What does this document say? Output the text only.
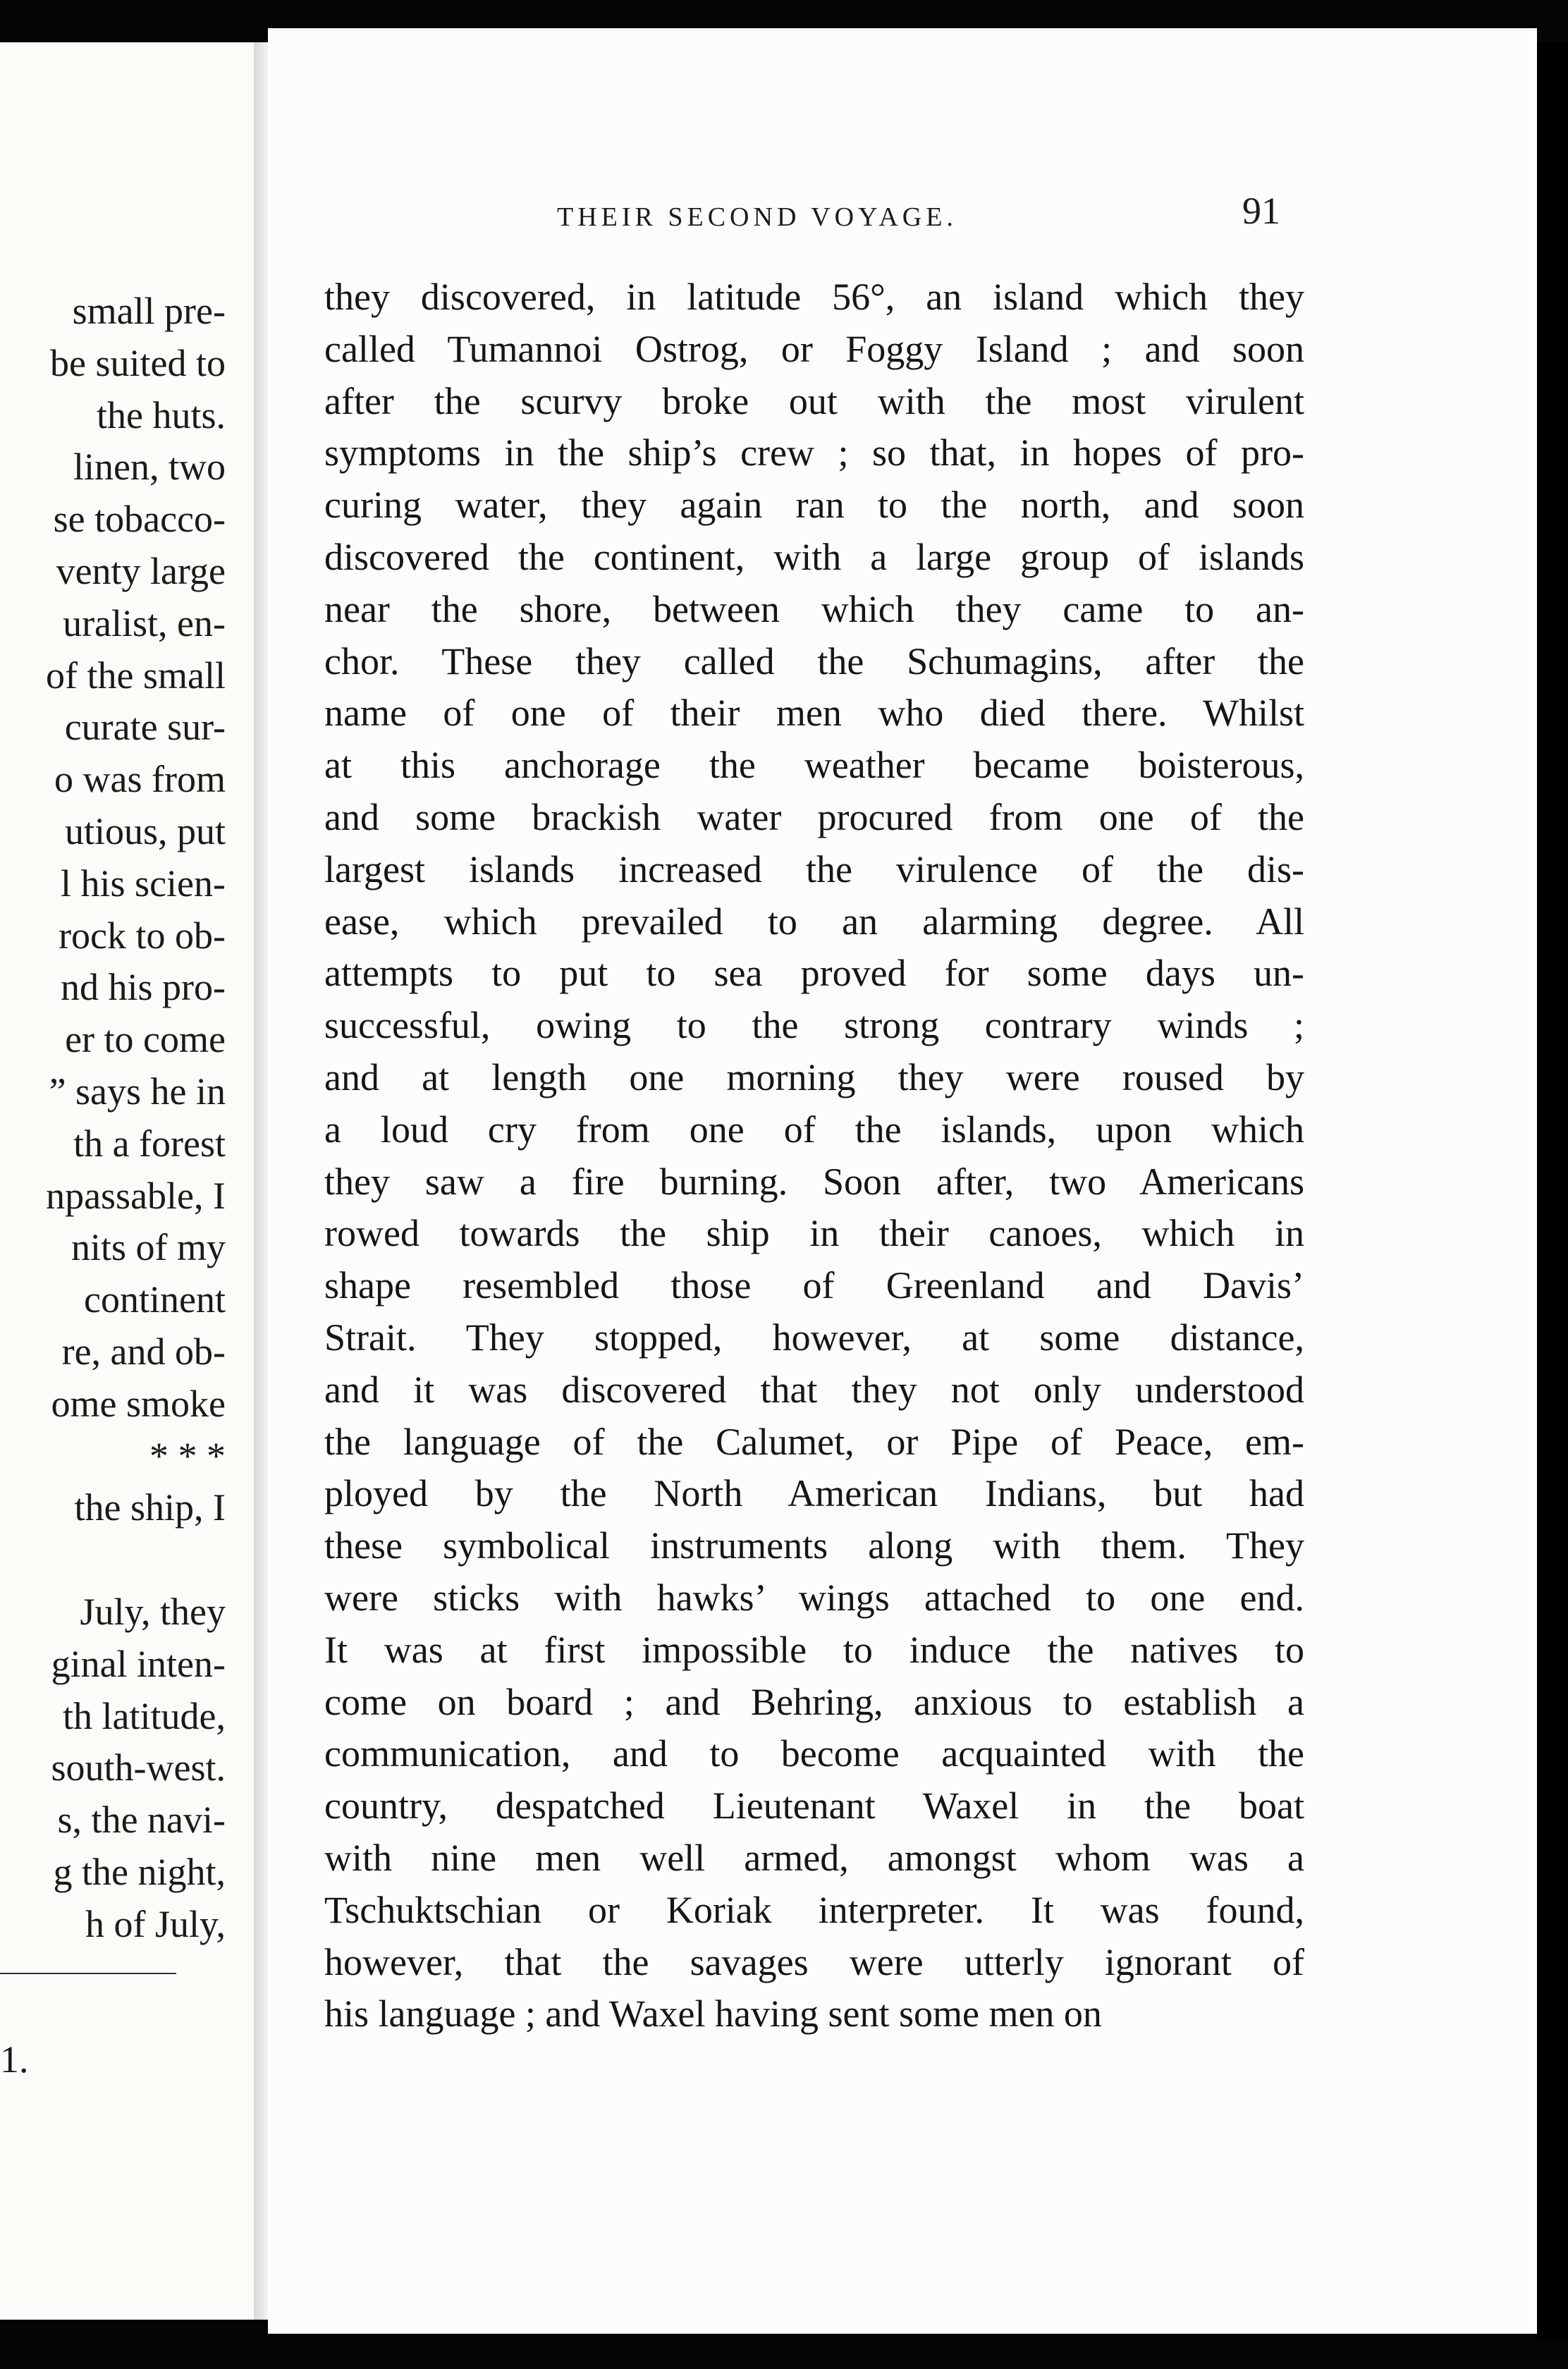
small pre-
be suited to
the huts.
linen, two
se tobacco-
venty large
uralist, en-
of the small
curate sur-
o was from
utious, put
l his scien-
rock to ob-
nd his pro-
er to come
” says he in
th a forest
npassable, I
nits of my
continent
re, and ob-
ome smoke
* * *
the ship, I

July, they
ginal inten-
th latitude,
south-west.
s, the navi-
g the night,
h of July,
1.
THEIR SECOND VOYAGE.	91
they discovered, in latitude 56°, an island which they
called Tumannoi Ostrog, or Foggy Island ; and soon
after the scurvy broke out with the most virulent
symptoms in the ship’s crew ; so that, in hopes of pro-
curing water, they again ran to the north, and soon
discovered the continent, with a large group of islands
near the shore, between which they came to an-
chor. These they called the Schumagins, after the
name of one of their men who died there. Whilst
at this anchorage the weather became boisterous,
and some brackish water procured from one of the
largest islands increased the virulence of the dis-
ease, which prevailed to an alarming degree. All
attempts to put to sea proved for some days un-
successful, owing to the strong contrary winds ;
and at length one morning they were roused by
a loud cry from one of the islands, upon which
they saw a fire burning. Soon after, two Americans
rowed towards the ship in their canoes, which in
shape resembled those of Greenland and Davis’
Strait. They stopped, however, at some distance,
and it was discovered that they not only understood
the language of the Calumet, or Pipe of Peace, em-
ployed by the North American Indians, but had
these symbolical instruments along with them. They
were sticks with hawks’ wings attached to one end.
It was at first impossible to induce the natives to
come on board ; and Behring, anxious to establish a
communication, and to become acquainted with the
country, despatched Lieutenant Waxel in the boat
with nine men well armed, amongst whom was a
Tschuktschian or Koriak interpreter. It was found,
however, that the savages were utterly ignorant of
his language ; and Waxel having sent some men on
